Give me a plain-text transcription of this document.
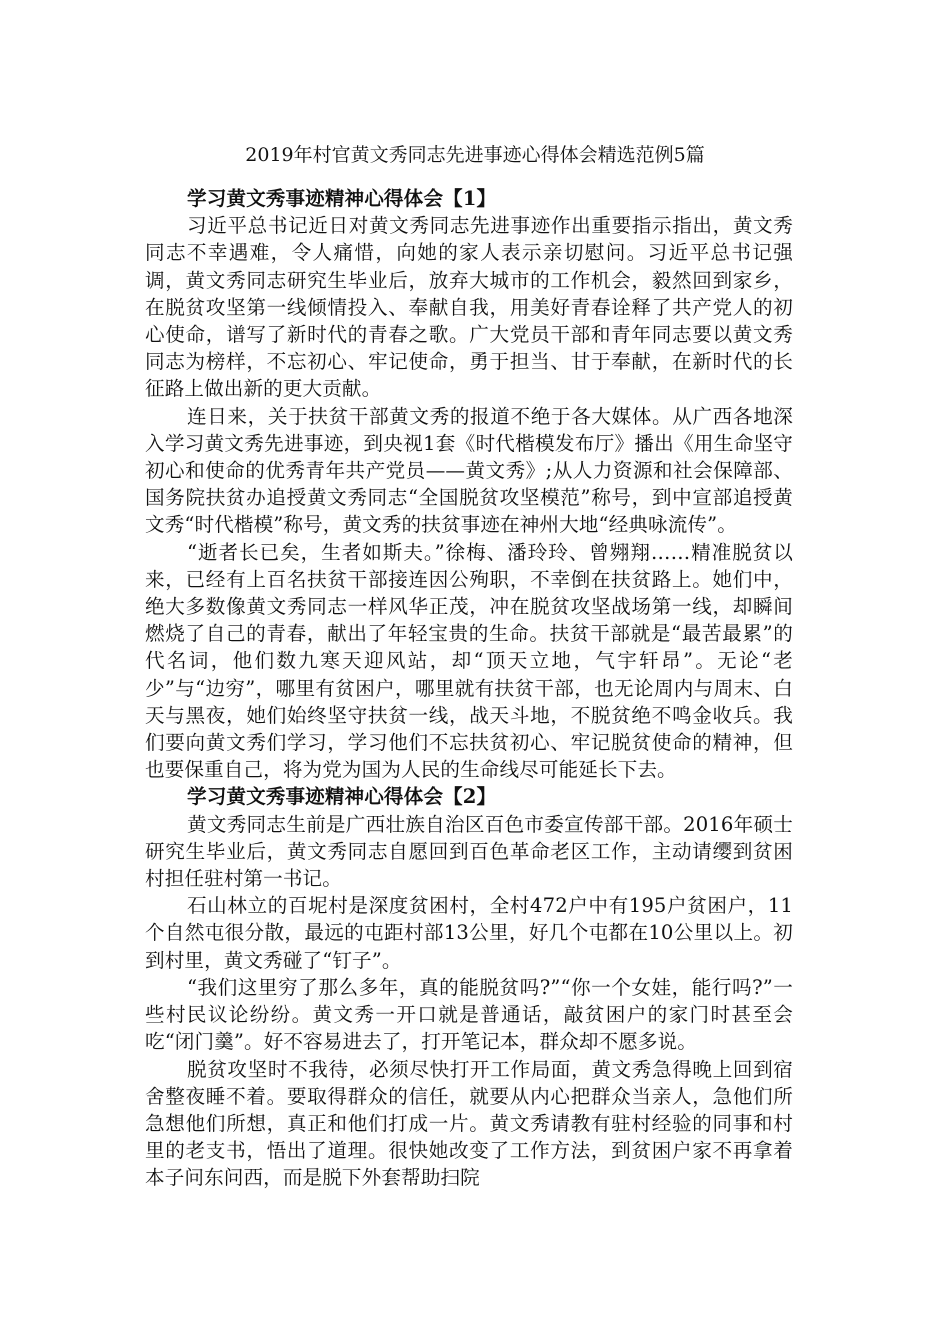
2019年村官黄文秀同志先进事迹心得体会精选范例5篇

学习黄文秀事迹精神心得体会【1】

习近平总书记近日对黄文秀同志先进事迹作出重要指示指出，黄文秀同志不幸遇难，令人痛惜，向她的家人表示亲切慰问。习近平总书记强调，黄文秀同志研究生毕业后，放弃大城市的工作机会，毅然回到家乡，在脱贫攻坚第一线倾情投入、奉献自我，用美好青春诠释了共产党人的初心使命，谱写了新时代的青春之歌。广大党员干部和青年同志要以黄文秀同志为榜样，不忘初心、牢记使命，勇于担当、甘于奉献，在新时代的长征路上做出新的更大贡献。

连日来，关于扶贫干部黄文秀的报道不绝于各大媒体。从广西各地深入学习黄文秀先进事迹，到央视1套《时代楷模发布厅》播出《用生命坚守初心和使命的优秀青年共产党员——黄文秀》;从人力资源和社会保障部、国务院扶贫办追授黄文秀同志“全国脱贫攻坚模范”称号，到中宣部追授黄文秀“时代楷模”称号，黄文秀的扶贫事迹在神州大地“经典咏流传”。

“逝者长已矣，生者如斯夫。”徐梅、潘玲玲、曾翙翔……精准脱贫以来，已经有上百名扶贫干部接连因公殉职，不幸倒在扶贫路上。她们中，绝大多数像黄文秀同志一样风华正茂，冲在脱贫攻坚战场第一线，却瞬间燃烧了自己的青春，献出了年轻宝贵的生命。扶贫干部就是“最苦最累”的代名词，他们数九寒天迎风站，却“顶天立地，气宇轩昂”。无论“老少”与“边穷”，哪里有贫困户，哪里就有扶贫干部，也无论周内与周末、白天与黑夜，她们始终坚守扶贫一线，战天斗地，不脱贫绝不鸣金收兵。我们要向黄文秀们学习，学习他们不忘扶贫初心、牢记脱贫使命的精神，但也要保重自己，将为党为国为人民的生命线尽可能延长下去。

学习黄文秀事迹精神心得体会【2】

黄文秀同志生前是广西壮族自治区百色市委宣传部干部。2016年硕士研究生毕业后，黄文秀同志自愿回到百色革命老区工作，主动请缨到贫困村担任驻村第一书记。

石山林立的百坭村是深度贫困村，全村472户中有195户贫困户，11个自然屯很分散，最远的屯距村部13公里，好几个屯都在10公里以上。初到村里，黄文秀碰了“钉子”。

“我们这里穷了那么多年，真的能脱贫吗?”“你一个女娃，能行吗?”一些村民议论纷纷。黄文秀一开口就是普通话，敲贫困户的家门时甚至会吃“闭门羹”。好不容易进去了，打开笔记本，群众却不愿多说。

脱贫攻坚时不我待，必须尽快打开工作局面，黄文秀急得晚上回到宿舍整夜睡不着。要取得群众的信任，就要从内心把群众当亲人，急他们所急想他们所想，真正和他们打成一片。黄文秀请教有驻村经验的同事和村里的老支书，悟出了道理。很快她改变了工作方法，到贫困户家不再拿着本子问东问西，而是脱下外套帮助扫院
